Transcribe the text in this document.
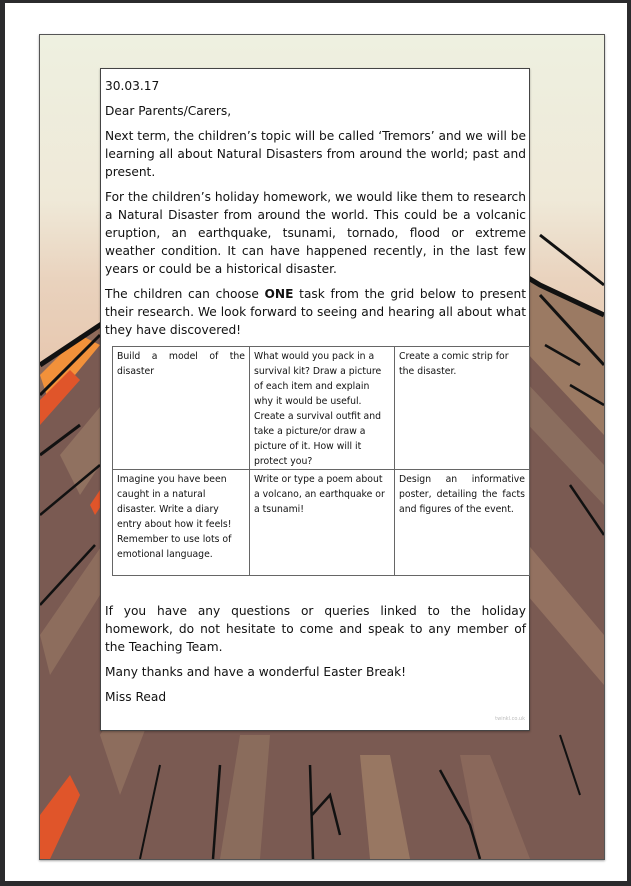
30.03.17

Dear Parents/Carers,

Next term, the children’s topic will be called ‘Tremors’ and we will be learning all about Natural Disasters from around the world; past and present.

For the children’s holiday homework, we would like them to research a Natural Disaster from around the world. This could be a volcanic eruption, an earthquake, tsunami, tornado, flood or extreme weather condition. It can have happened recently, in the last few years or could be a historical disaster.

The children can choose ONE task from the grid below to present their research. We look forward to seeing and hearing all about what they have discovered!

Build a model of the disaster	What would you pack in a survival kit? Draw a picture of each item and explain why it would be useful. Create a survival outfit and take a picture/or draw a picture of it. How will it protect you?	Create a comic strip for the disaster.
Imagine you have been caught in a natural disaster. Write a diary entry about how it feels! Remember to use lots of emotional language.	Write or type a poem about a volcano, an earthquake or a tsunami!	Design an informative poster, detailing the facts and figures of the event.

If you have any questions or queries linked to the holiday homework, do not hesitate to come and speak to any member of the Teaching Team.

Many thanks and have a wonderful Easter Break!

Miss Read

twinkl.co.uk
